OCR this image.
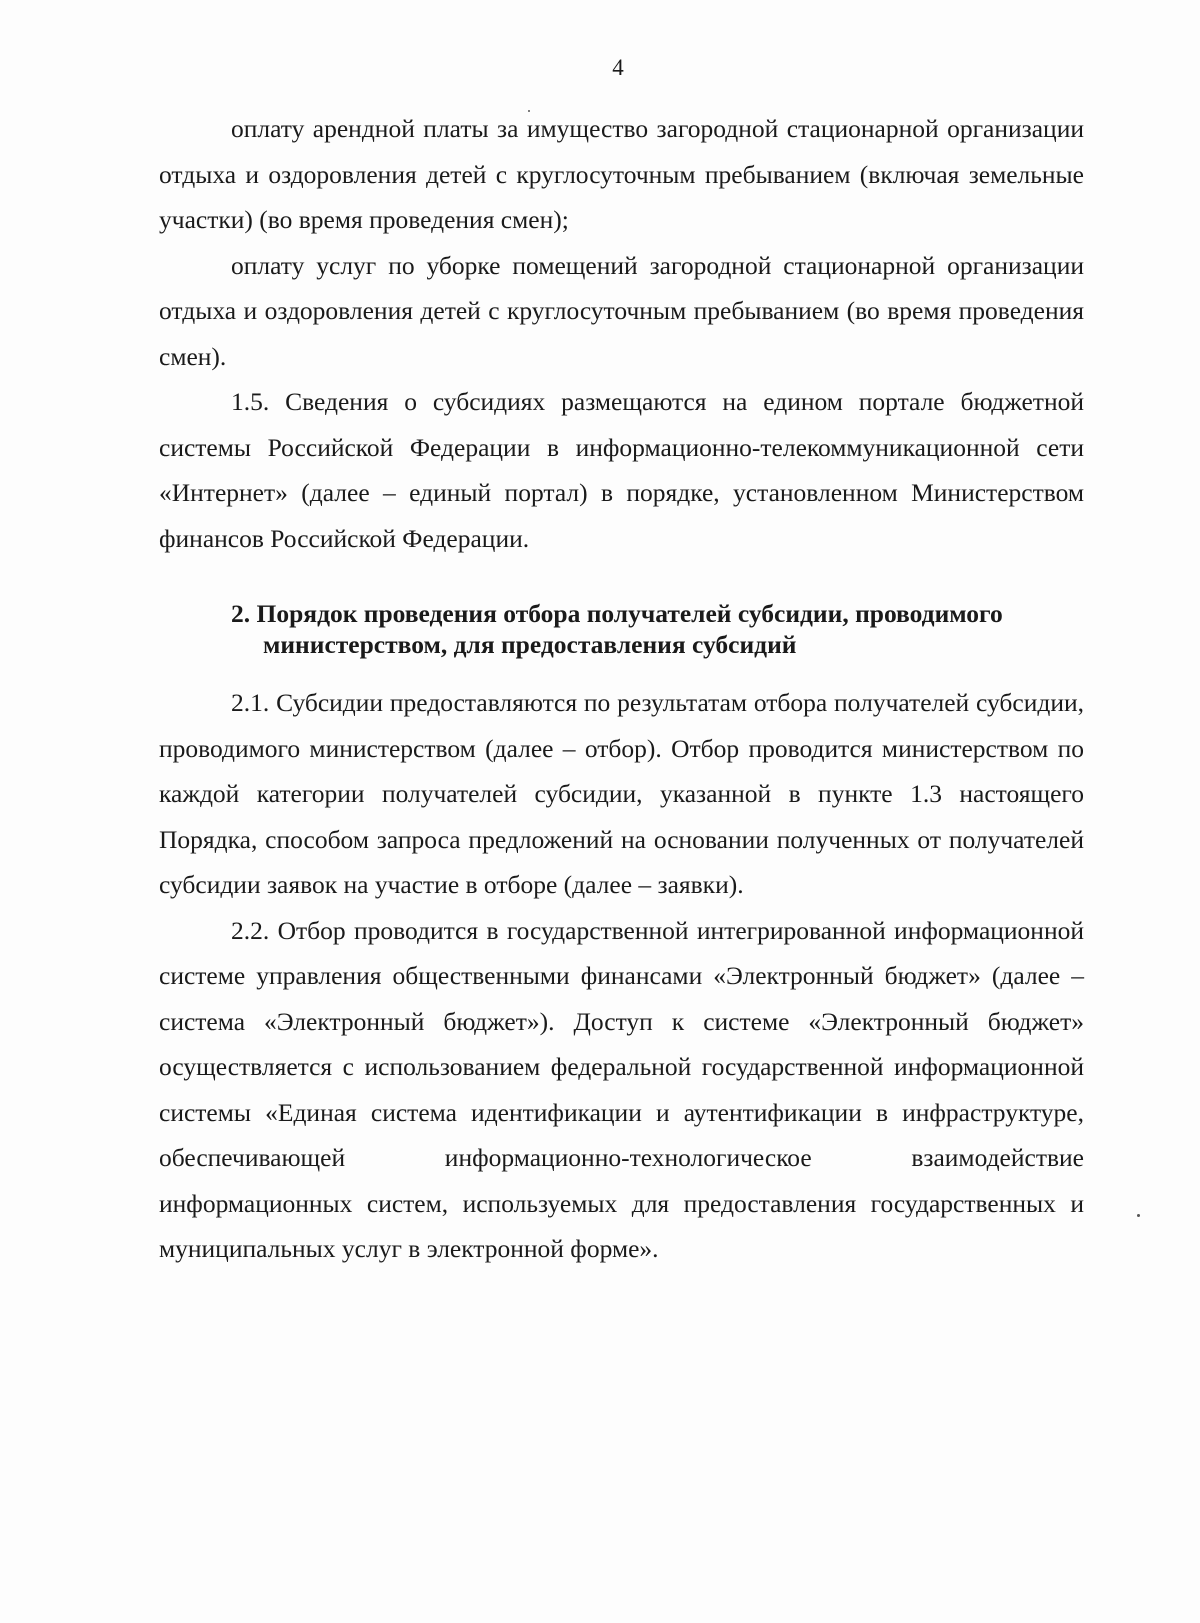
4

оплату арендной платы за имущество загородной стационарной организации отдыха и оздоровления детей с круглосуточным пребыванием (включая земельные участки) (во время проведения смен);

оплату услуг по уборке помещений загородной стационарной организации отдыха и оздоровления детей с круглосуточным пребыванием (во время проведения смен).

1.5. Сведения о субсидиях размещаются на едином портале бюджетной системы Российской Федерации в информационно-телекоммуникационной сети «Интернет» (далее – единый портал) в порядке, установленном Министерством финансов Российской Федерации.

2. Порядок проведения отбора получателей субсидии, проводимого
министерством, для предоставления субсидий

2.1. Субсидии предоставляются по результатам отбора получателей субсидии, проводимого министерством (далее – отбор). Отбор проводится министерством по каждой категории получателей субсидии, указанной в пункте 1.3 настоящего Порядка, способом запроса предложений на основании полученных от получателей субсидии заявок на участие в отборе (далее – заявки).

2.2. Отбор проводится в государственной интегрированной информационной системе управления общественными финансами «Электронный бюджет» (далее – система «Электронный бюджет»). Доступ к системе «Электронный бюджет» осуществляется с использованием федеральной государственной информационной системы «Единая система идентификации и аутентификации в инфраструктуре, обеспечивающей информационно-технологическое взаимодействие информационных систем, используемых для предоставления государственных и муниципальных услуг в электронной форме».
